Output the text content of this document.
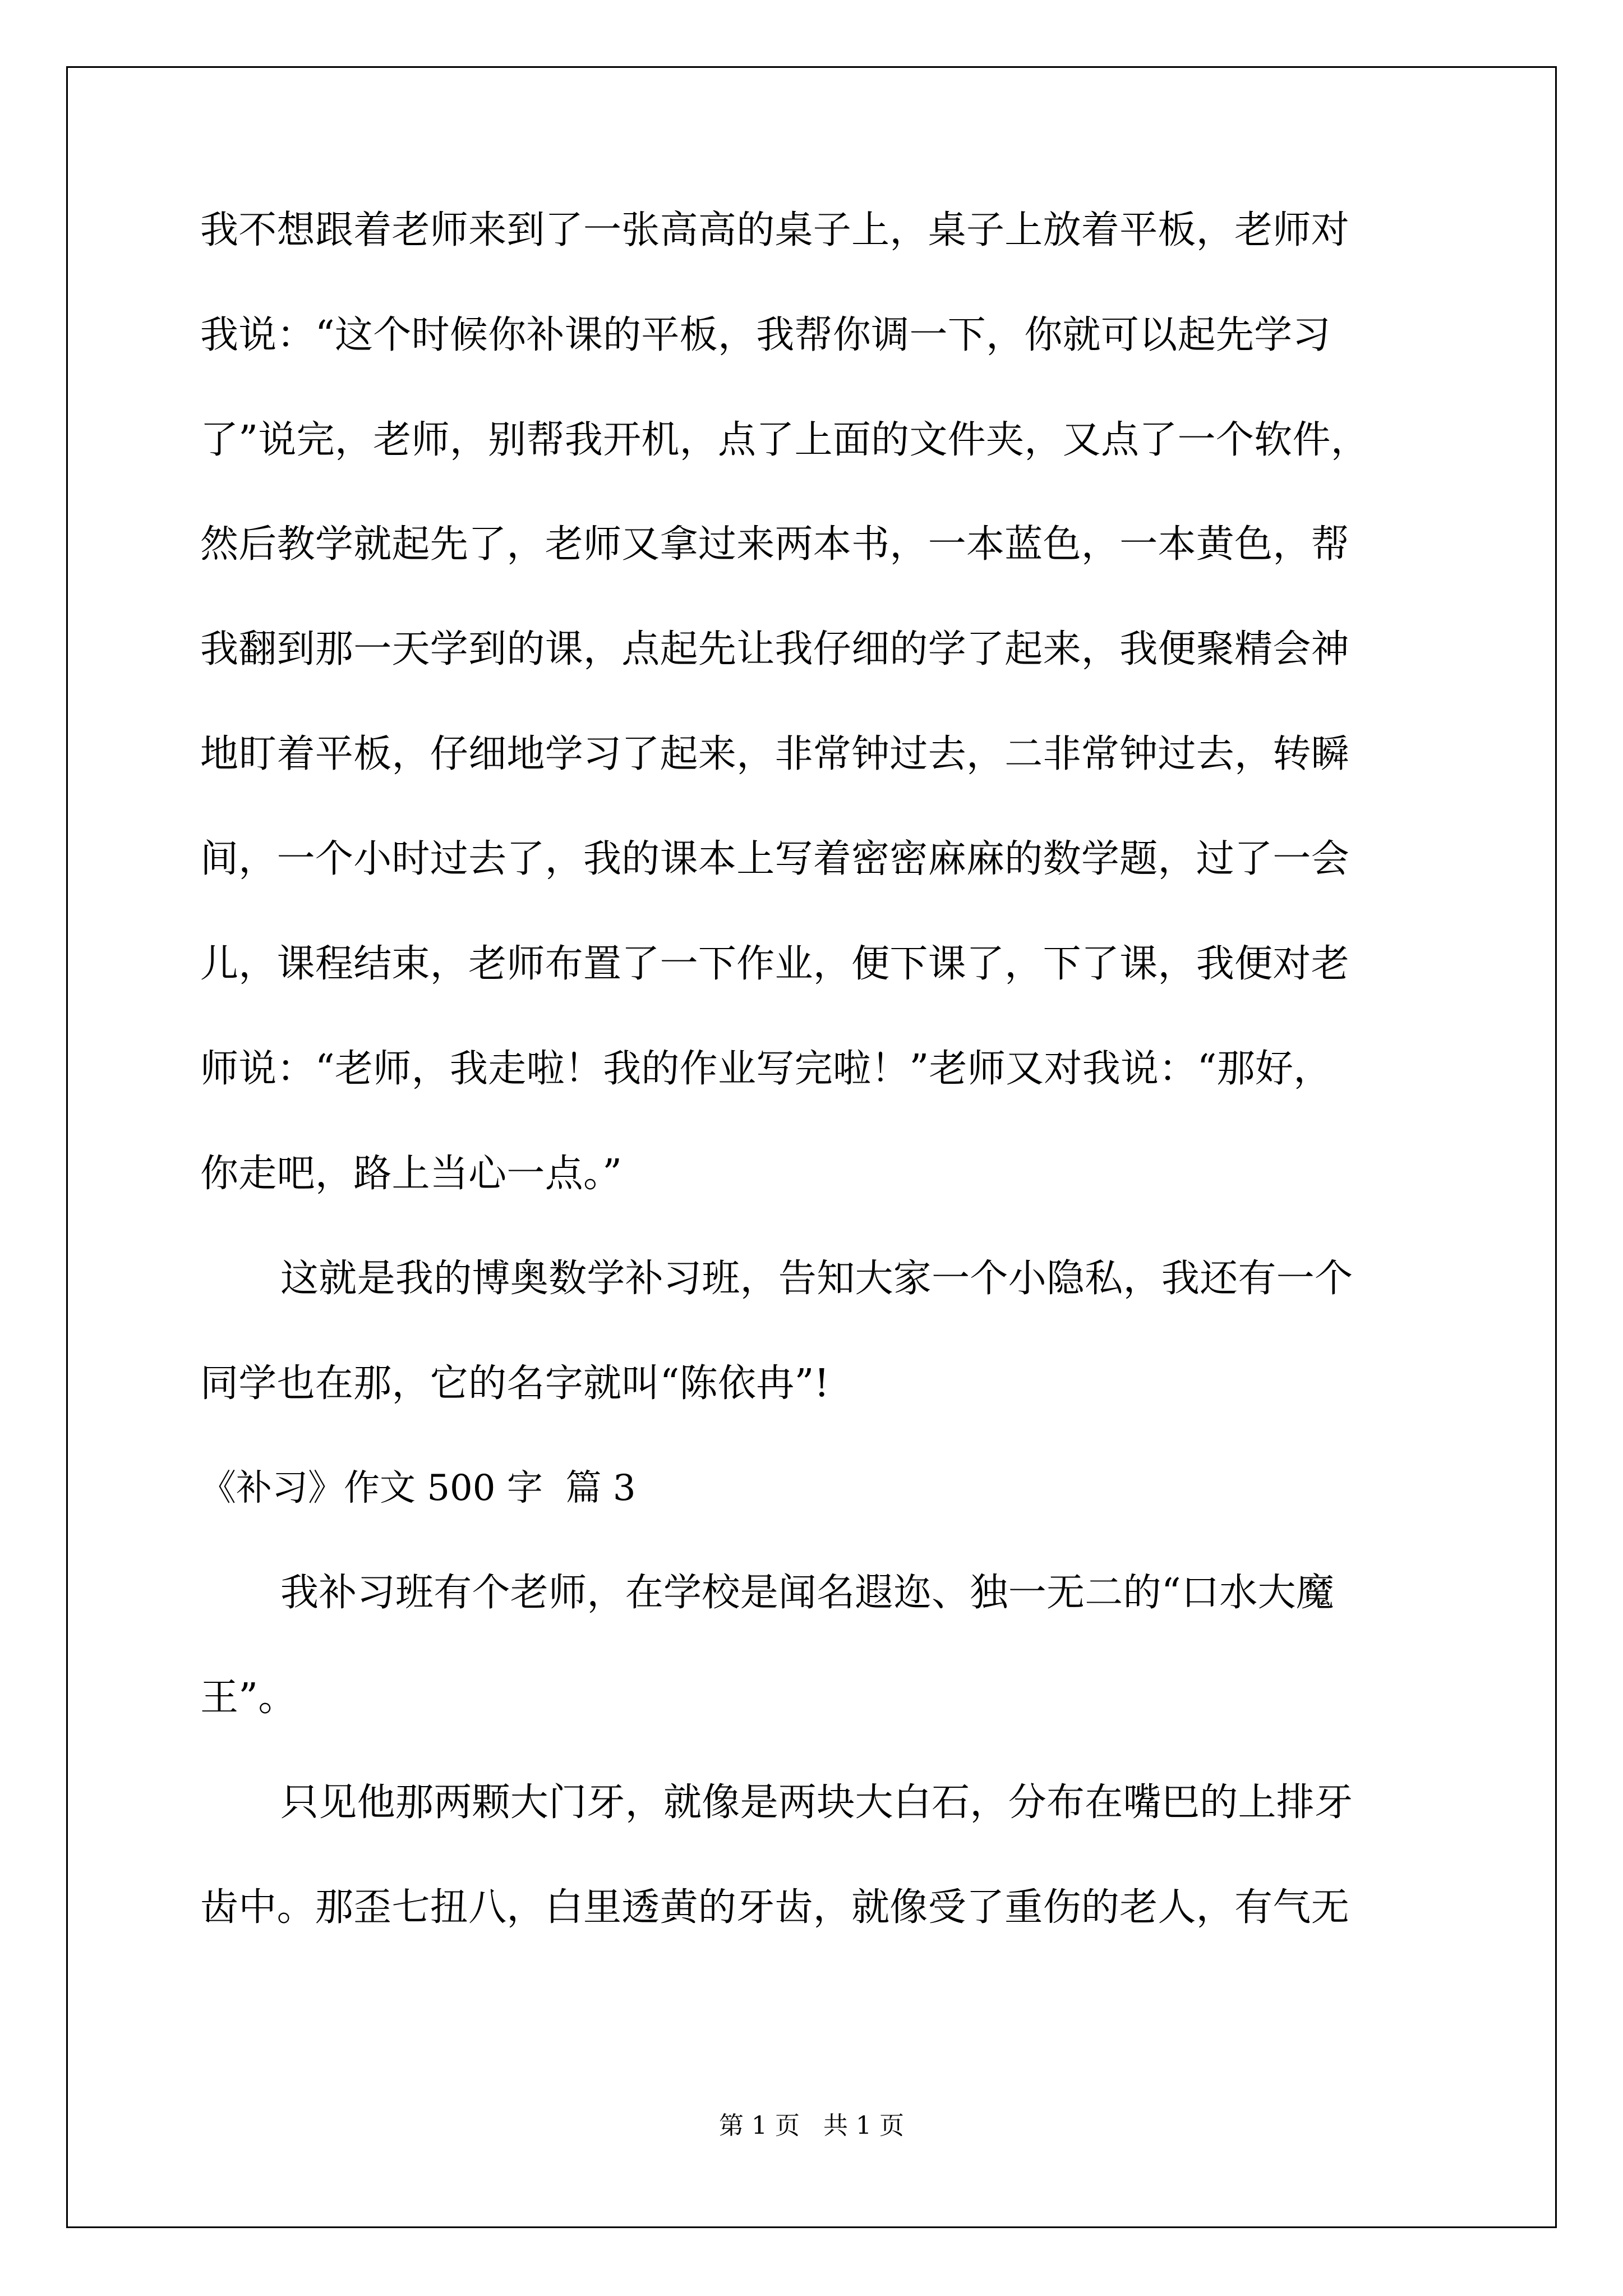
我不想跟着老师来到了一张高高的桌子上，桌子上放着平板，老师对
我说：“这个时候你补课的平板，我帮你调一下，你就可以起先学习
了”说完，老师，别帮我开机，点了上面的文件夹，又点了一个软件，
然后教学就起先了，老师又拿过来两本书，一本蓝色，一本黄色，帮
我翻到那一天学到的课，点起先让我仔细的学了起来，我便聚精会神
地盯着平板，仔细地学习了起来，非常钟过去，二非常钟过去，转瞬
间，一个小时过去了，我的课本上写着密密麻麻的数学题，过了一会
儿，课程结束，老师布置了一下作业，便下课了，下了课，我便对老
师说：“老师，我走啦！我的作业写完啦！”老师又对我说：“那好，
你走吧，路上当心一点。”
这就是我的博奥数学补习班，告知大家一个小隐私，我还有一个
同学也在那，它的名字就叫“陈依冉”!
《补习》作文 500 字  篇 3
我补习班有个老师，在学校是闻名遐迩、独一无二的“口水大魔
王”。
只见他那两颗大门牙，就像是两块大白石，分布在嘴巴的上排牙
齿中。那歪七扭八，白里透黄的牙齿，就像受了重伤的老人，有气无
第 1 页   共 1 页
